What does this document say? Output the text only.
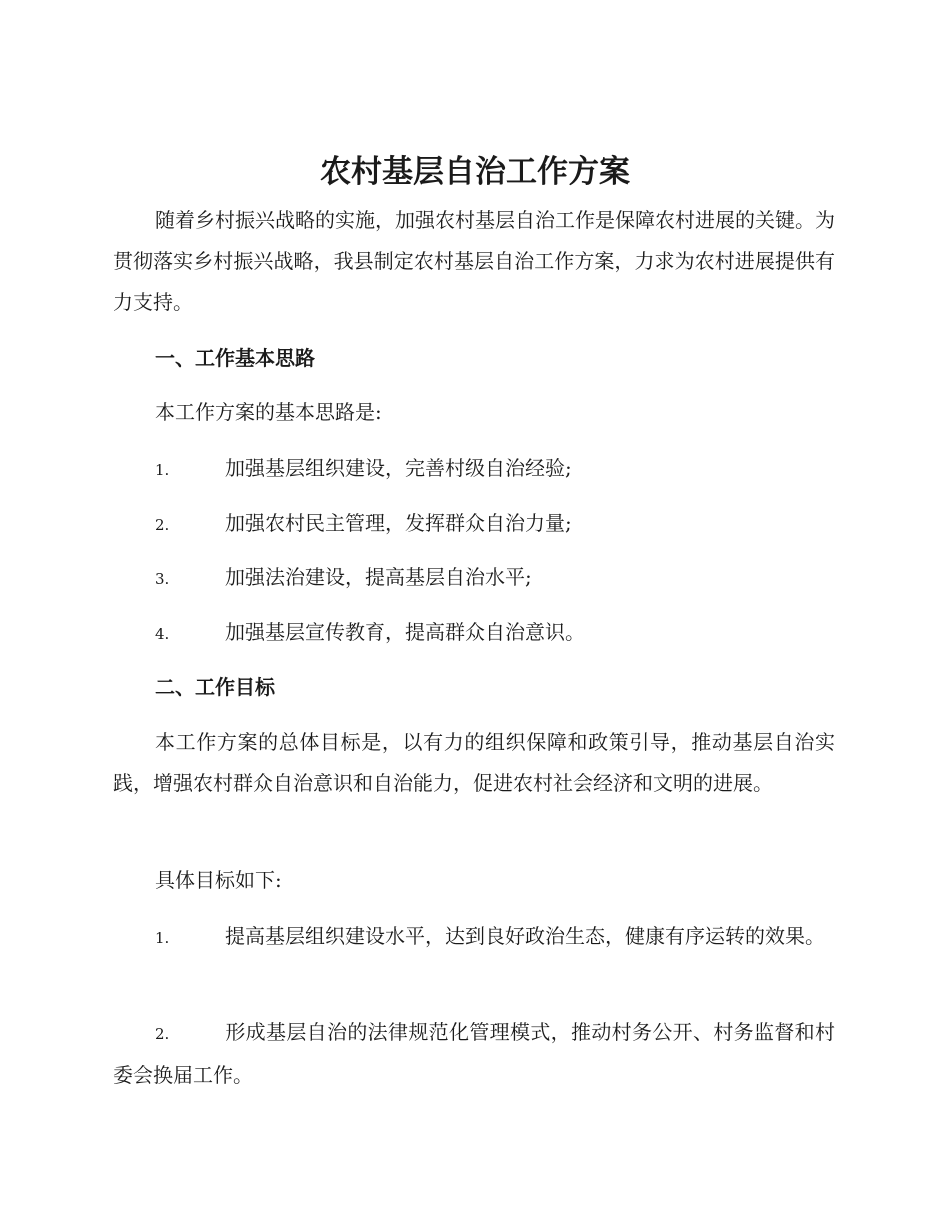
农村基层自治工作方案

随着乡村振兴战略的实施，加强农村基层自治工作是保障农村进展的关键。为贯彻落实乡村振兴战略，我县制定农村基层自治工作方案，力求为农村进展提供有力支持。

一、工作基本思路

本工作方案的基本思路是:

1.	加强基层组织建设，完善村级自治经验;

2.	加强农村民主管理，发挥群众自治力量;

3.	加强法治建设，提高基层自治水平;

4.	加强基层宣传教育，提高群众自治意识。

二、工作目标

本工作方案的总体目标是，以有力的组织保障和政策引导，推动基层自治实践，增强农村群众自治意识和自治能力，促进农村社会经济和文明的进展。

具体目标如下:

1.	提高基层组织建设水平，达到良好政治生态，健康有序运转的效果。

2.	形成基层自治的法律规范化管理模式，推动村务公开、村务监督和村委会换届工作。
